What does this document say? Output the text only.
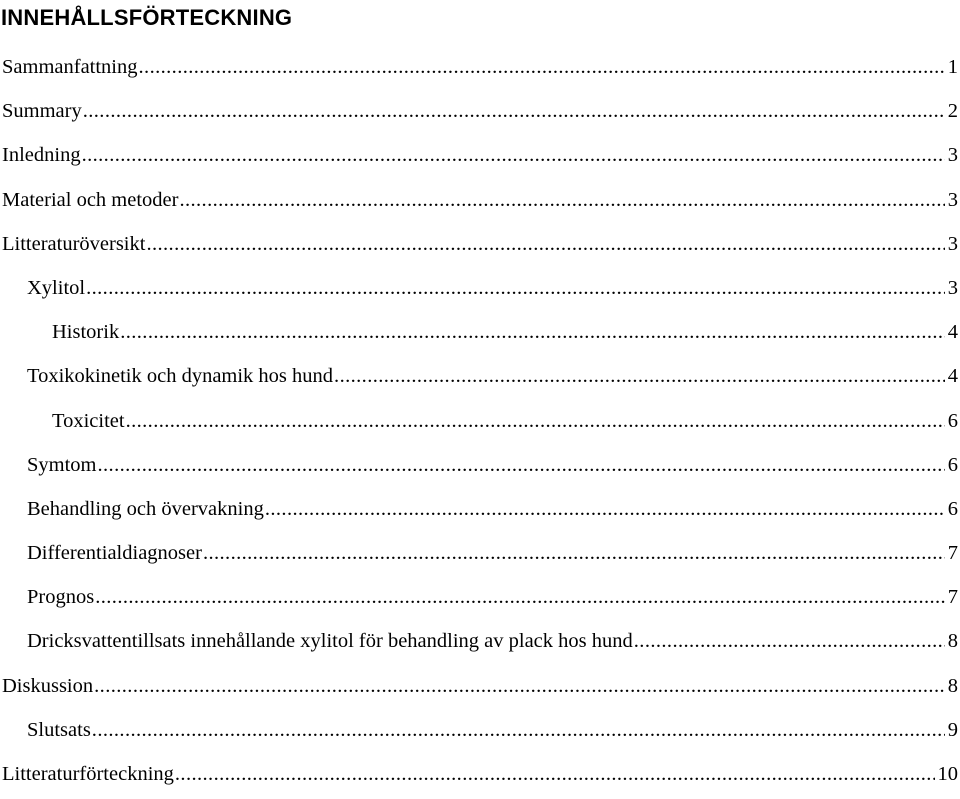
INNEHÅLLSFÖRTECKNING
Sammanfattning .....	1
Summary .....	2
Inledning .....	3
Material och metoder .....	3
Litteraturöversikt .....	3
Xylitol .....	3
Historik .....	4
Toxikokinetik och dynamik hos hund .....	4
Toxicitet .....	6
Symtom .....	6
Behandling och övervakning .....	6
Differentialdiagnoser .....	7
Prognos .....	7
Dricksvattentillsats innehållande xylitol för behandling av plack hos hund .....	8
Diskussion .....	8
Slutsats .....	9
Litteraturförteckning .....	10
